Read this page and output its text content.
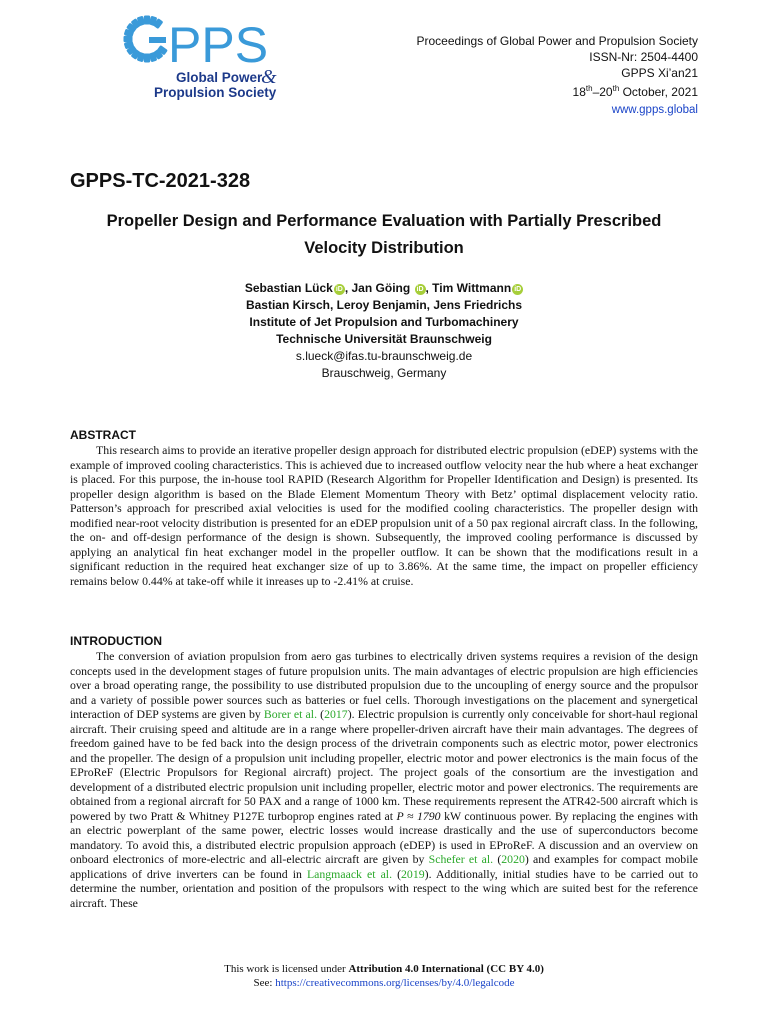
PPS
Global Power
&
Propulsion Society
Proceedings of Global Power and Propulsion Society
ISSN-Nr: 2504-4400
GPPS Xi’an21
18th–20th October, 2021
www.gpps.global
GPPS-TC-2021-328
Propeller Design and Performance Evaluation with Partially Prescribed
Velocity Distribution
Sebastian Lück iD , Jan Göing iD , Tim Wittmann iD
Bastian Kirsch, Leroy Benjamin, Jens Friedrichs
Institute of Jet Propulsion and Turbomachinery
Technische Universität Braunschweig
s.lueck@ifas.tu-braunschweig.de
Brauschweig, Germany
ABSTRACT
This research aims to provide an iterative propeller design approach for distributed electric propulsion (eDEP) systems with the example of improved cooling characteristics. This is achieved due to increased outflow velocity near the hub where a heat exchanger is placed. For this purpose, the in-house tool RAPID (Research Algorithm for Propeller Identification and Design) is presented. Its propeller design algorithm is based on the Blade Element Momentum Theory with Betz’ optimal displacement velocity ratio. Patterson’s approach for prescribed axial velocities is used for the modified cooling characteristics. The propeller design with modified near-root velocity distribution is presented for an eDEP propulsion unit of a 50 pax regional aircraft class. In the following, the on- and off-design performance of the design is shown. Subsequently, the improved cooling performance is discussed by applying an analytical fin heat exchanger model in the propeller outflow. It can be shown that the modifications result in a significant reduction in the required heat exchanger size of up to 3.86%. At the same time, the impact on propeller efficiency remains below 0.44% at take-off while it inreases up to -2.41% at cruise.
INTRODUCTION
The conversion of aviation propulsion from aero gas turbines to electrically driven systems requires a revision of the design concepts used in the development stages of future propulsion units. The main advantages of electric propulsion are high efficiencies over a broad operating range, the possibility to use distributed propulsion due to the uncoupling of energy source and the propulsor and a variety of possible power sources such as batteries or fuel cells. Thorough investigations on the placement and synergetical interaction of DEP systems are given by Borer et al. (2017). Electric propulsion is currently only conceivable for short-haul regional aircraft. Their cruising speed and altitude are in a range where propeller-driven aircraft have their main advantages. The degrees of freedom gained have to be fed back into the design process of the drivetrain components such as electric motor, power electronics and the propeller. The design of a propulsion unit including propeller, electric motor and power electronics is the main focus of the EProReF (Electric Propulsors for Regional aircraft) project. The project goals of the consortium are the investigation and development of a distributed electric propulsion unit including propeller, electric motor and power electronics. The requirements are obtained from a regional aircraft for 50 PAX and a range of 1000 km. These requirements represent the ATR42-500 aircraft which is powered by two Pratt & Whitney P127E turboprop engines rated at P ≈ 1790 kW continuous power. By replacing the engines with an electric powerplant of the same power, electric losses would increase drastically and the use of superconductors become mandatory. To avoid this, a distributed electric propulsion approach (eDEP) is used in EProReF. A discussion and an overview on onboard electronics of more-electric and all-electric aircraft are given by Schefer et al. (2020) and examples for compact mobile applications of drive inverters can be found in Langmaack et al. (2019). Additionally, initial studies have to be carried out to determine the number, orientation and position of the propulsors with respect to the wing which are suited best for the reference aircraft. These
This work is licensed under Attribution 4.0 International (CC BY 4.0)
See: https://creativecommons.org/licenses/by/4.0/legalcode
